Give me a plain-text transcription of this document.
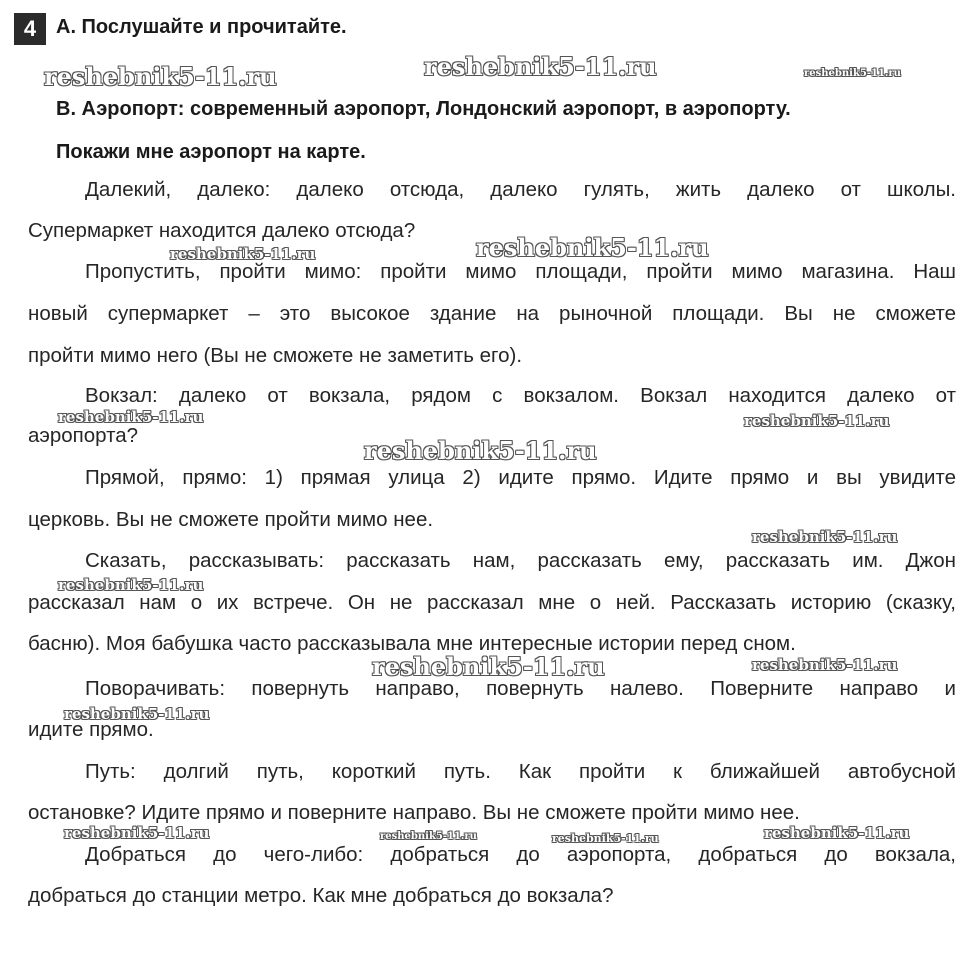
4 A. Послушайте и прочитайте.
B. Аэропорт: современный аэропорт, Лондонский аэропорт, в аэропорту.
Покажи мне аэропорт на карте.
Далекий, далеко: далеко отсюда, далеко гулять, жить далеко от школы.
Супермаркет находится далеко отсюда?
Пропустить, пройти мимо: пройти мимо площади, пройти мимо магазина. Наш
новый супермаркет – это высокое здание на рыночной площади. Вы не сможете
пройти мимо него (Вы не сможете не заметить его).
Вокзал: далеко от вокзала, рядом с вокзалом. Вокзал находится далеко от
аэропорта?
Прямой, прямо: 1) прямая улица 2) идите прямо. Идите прямо и вы увидите
церковь. Вы не сможете пройти мимо нее.
Сказать, рассказывать: рассказать нам, рассказать ему, рассказать им. Джон
рассказал нам о их встрече. Он не рассказал мне о ней. Рассказать историю (сказку,
басню). Моя бабушка часто рассказывала мне интересные истории перед сном.
Поворачивать: повернуть направо, повернуть налево. Поверните направо и
идите прямо.
Путь: долгий путь, короткий путь. Как пройти к ближайшей автобусной
остановке? Идите прямо и поверните направо. Вы не сможете пройти мимо нее.
Добраться до чего-либо: добраться до аэропорта, добраться до вокзала,
добраться до станции метро. Как мне добраться до вокзала?
reshebnik5-11.ru	reshebnik5-11.ru	reshebnik5-11.ru
reshebnik5-11.ru	reshebnik5-11.ru
reshebnik5-11.ru	reshebnik5-11.ru
reshebnik5-11.ru
reshebnik5-11.ru
reshebnik5-11.ru
reshebnik5-11.ru	reshebnik5-11.ru
reshebnik5-11.ru
reshebnik5-11.ru	reshebnik5-11.ru	reshebnik5-11.ru	reshebnik5-11.ru
